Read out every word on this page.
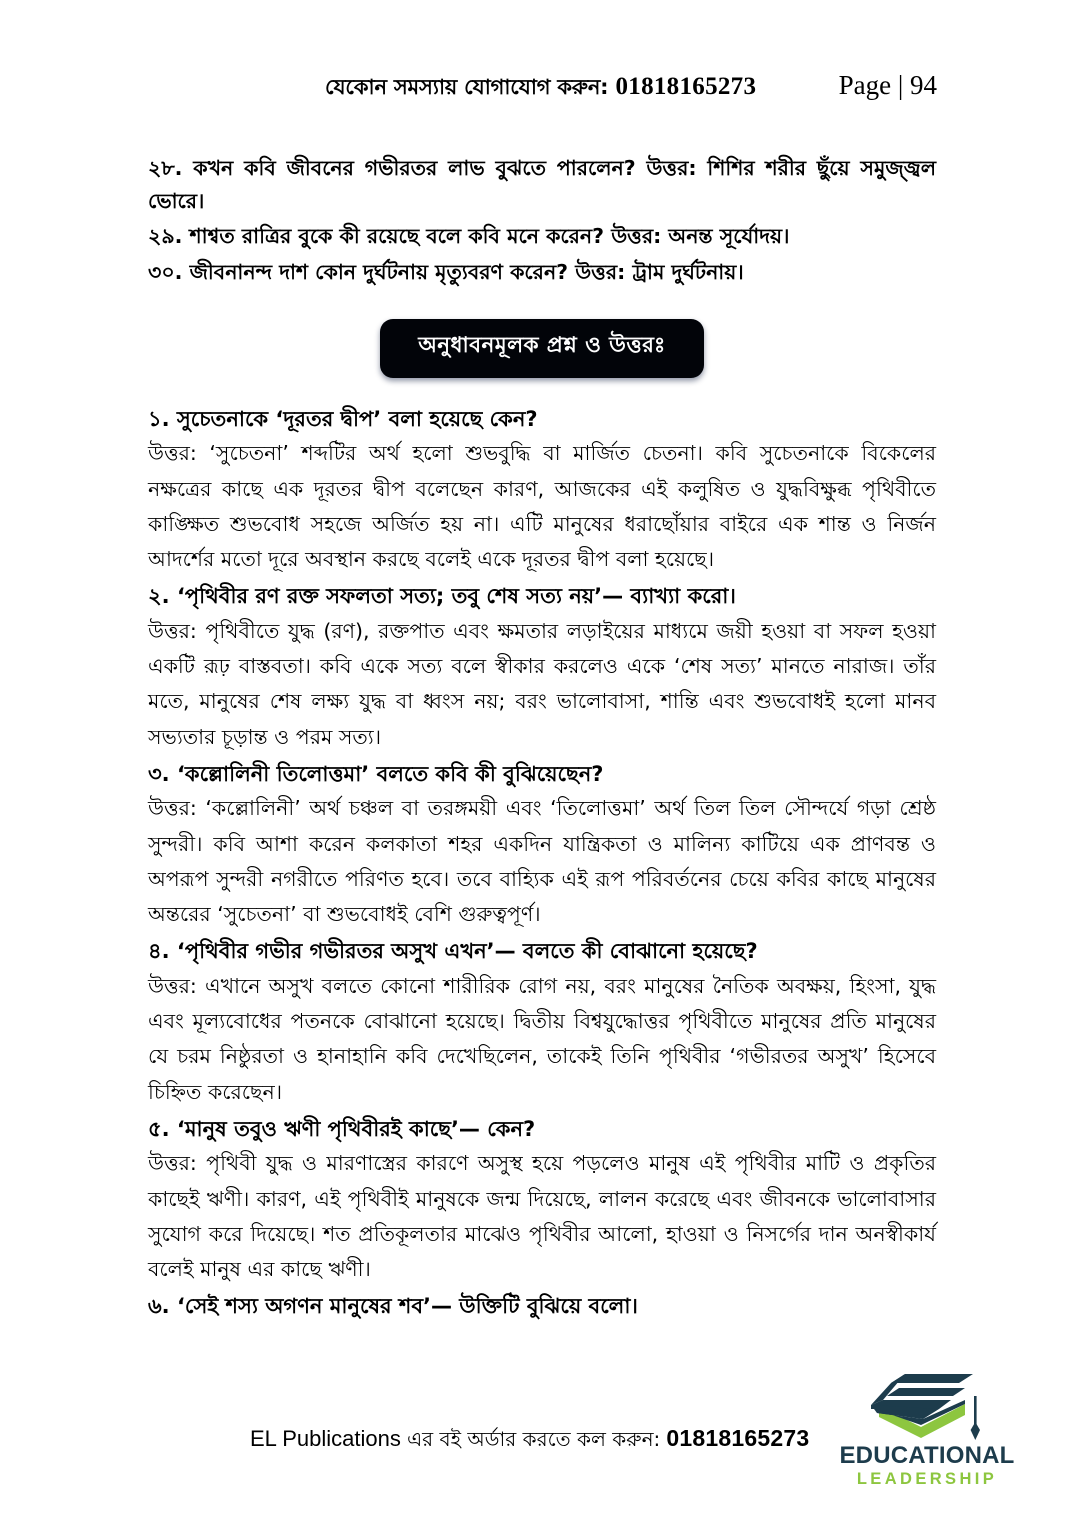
যেকোন সমস্যায় যোগাযোগ করুন: 01818165273	Page | 94

২৮. কখন কবি জীবনের গভীরতর লাভ বুঝতে পারলেন? উত্তর: শিশির শরীর ছুঁয়ে সমুজ্জ্বল ভোরে।

২৯. শাশ্বত রাত্রির বুকে কী রয়েছে বলে কবি মনে করেন? উত্তর: অনন্ত সূর্যোদয়।

৩০. জীবনানন্দ দাশ কোন দুর্ঘটনায় মৃত্যুবরণ করেন? উত্তর: ট্রাম দুর্ঘটনায়।

অনুধাবনমূলক প্রশ্ন ও উত্তরঃ

১. সুচেতনাকে ‘দূরতর দ্বীপ’ বলা হয়েছে কেন?

উত্তর: ‘সুচেতনা’ শব্দটির অর্থ হলো শুভবুদ্ধি বা মার্জিত চেতনা। কবি সুচেতনাকে বিকেলের নক্ষত্রের কাছে এক দূরতর দ্বীপ বলেছেন কারণ, আজকের এই কলুষিত ও যুদ্ধবিক্ষুব্ধ পৃথিবীতে কাঙ্ক্ষিত শুভবোধ সহজে অর্জিত হয় না। এটি মানুষের ধরাছোঁয়ার বাইরে এক শান্ত ও নির্জন আদর্শের মতো দূরে অবস্থান করছে বলেই একে দূরতর দ্বীপ বলা হয়েছে।

২. ‘পৃথিবীর রণ রক্ত সফলতা সত্য; তবু শেষ সত্য নয়’— ব্যাখ্যা করো।

উত্তর: পৃথিবীতে যুদ্ধ (রণ), রক্তপাত এবং ক্ষমতার লড়াইয়ের মাধ্যমে জয়ী হওয়া বা সফল হওয়া একটি রূঢ় বাস্তবতা। কবি একে সত্য বলে স্বীকার করলেও একে ‘শেষ সত্য’ মানতে নারাজ। তাঁর মতে, মানুষের শেষ লক্ষ্য যুদ্ধ বা ধ্বংস নয়; বরং ভালোবাসা, শান্তি এবং শুভবোধই হলো মানব সভ্যতার চূড়ান্ত ও পরম সত্য।

৩. ‘কল্লোলিনী তিলোত্তমা’ বলতে কবি কী বুঝিয়েছেন?

উত্তর: ‘কল্লোলিনী’ অর্থ চঞ্চল বা তরঙ্গময়ী এবং ‘তিলোত্তমা’ অর্থ তিল তিল সৌন্দর্যে গড়া শ্রেষ্ঠ সুন্দরী। কবি আশা করেন কলকাতা শহর একদিন যান্ত্রিকতা ও মালিন্য কাটিয়ে এক প্রাণবন্ত ও অপরূপ সুন্দরী নগরীতে পরিণত হবে। তবে বাহ্যিক এই রূপ পরিবর্তনের চেয়ে কবির কাছে মানুষের অন্তরের ‘সুচেতনা’ বা শুভবোধই বেশি গুরুত্বপূর্ণ।

৪. ‘পৃথিবীর গভীর গভীরতর অসুখ এখন’— বলতে কী বোঝানো হয়েছে?

উত্তর: এখানে অসুখ বলতে কোনো শারীরিক রোগ নয়, বরং মানুষের নৈতিক অবক্ষয়, হিংসা, যুদ্ধ এবং মূল্যবোধের পতনকে বোঝানো হয়েছে। দ্বিতীয় বিশ্বযুদ্ধোত্তর পৃথিবীতে মানুষের প্রতি মানুষের যে চরম নিষ্ঠুরতা ও হানাহানি কবি দেখেছিলেন, তাকেই তিনি পৃথিবীর ‘গভীরতর অসুখ’ হিসেবে চিহ্নিত করেছেন।

৫. ‘মানুষ তবুও ঋণী পৃথিবীরই কাছে’— কেন?

উত্তর: পৃথিবী যুদ্ধ ও মারণাস্ত্রের কারণে অসুস্থ হয়ে পড়লেও মানুষ এই পৃথিবীর মাটি ও প্রকৃতির কাছেই ঋণী। কারণ, এই পৃথিবীই মানুষকে জন্ম দিয়েছে, লালন করেছে এবং জীবনকে ভালোবাসার সুযোগ করে দিয়েছে। শত প্রতিকূলতার মাঝেও পৃথিবীর আলো, হাওয়া ও নিসর্গের দান অনস্বীকার্য বলেই মানুষ এর কাছে ঋণী।

৬. ‘সেই শস্য অগণন মানুষের শব’— উক্তিটি বুঝিয়ে বলো।

EL Publications এর বই অর্ডার করতে কল করুন: 01818165273
EDUCATIONAL
LEADERSHIP
